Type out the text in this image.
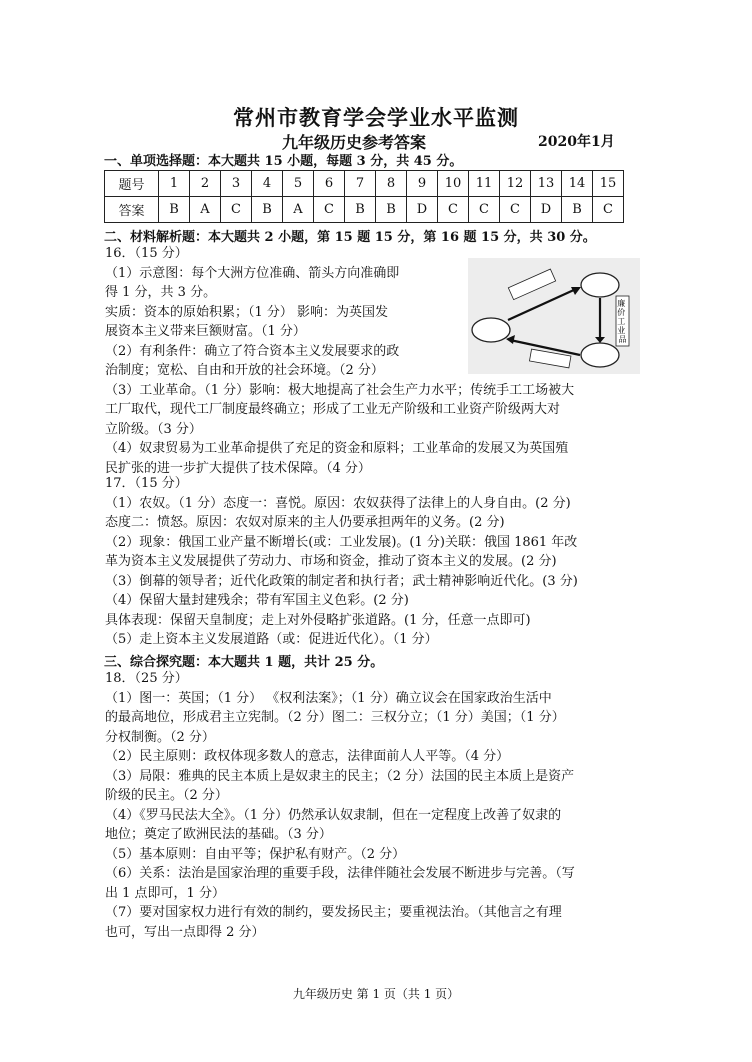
常州市教育学会学业水平监测
九年级历史参考答案	2020年1月
一、单项选择题：本大题共 15 小题，每题 3 分，共 45 分。
题号	1	2	3	4	5	6	7	8	9	10	11	12	13	14	15
答案	B	A	C	B	A	C	B	B	D	C	C	C	D	B	C
二、材料解析题：本大题共 2 小题，第 15 题 15 分，第 16 题 15 分，共 30 分。
16．（15 分）
（1）示意图：每个大洲方位准确、箭头方向准确即
得 1 分，共 3 分。
实质：资本的原始积累；（1 分） 影响：为英国发
展资本主义带来巨额财富。（1 分）
（2）有利条件：确立了符合资本主义发展要求的政
治制度；宽松、自由和开放的社会环境。（2 分）
（3）工业革命。（1 分）影响：极大地提高了社会生产力水平；传统手工工场被大
工厂取代，现代工厂制度最终确立；形成了工业无产阶级和工业资产阶级两大对
立阶级。（3 分）
（4）奴隶贸易为工业革命提供了充足的资金和原料；工业革命的发展又为英国殖
民扩张的进一步扩大提供了技术保障。（4 分）
廉 价 工 业 品
17．（15 分）
（1）农奴。（1 分）态度一：喜悦。原因：农奴获得了法律上的人身自由。(2 分)
态度二：愤怒。原因：农奴对原来的主人仍要承担两年的义务。(2 分)
（2）现象：俄国工业产量不断增长(或：工业发展)。(1 分)关联：俄国 1861 年改
革为资本主义发展提供了劳动力、市场和资金，推动了资本主义的发展。(2 分)
（3）倒幕的领导者；近代化政策的制定者和执行者；武士精神影响近代化。(3 分)
（4）保留大量封建残余；带有军国主义色彩。(2 分)
具体表现：保留天皇制度；走上对外侵略扩张道路。(1 分，任意一点即可)
（5）走上资本主义发展道路（或：促进近代化）。（1 分）
三、综合探究题：本大题共 1 题，共计 25 分。
18．（25 分）
（1）图一：英国；（1 分） 《权利法案》；（1 分）确立议会在国家政治生活中
的最高地位，形成君主立宪制。（2 分）图二：三权分立；（1 分）美国；（1 分）
分权制衡。（2 分）
（2）民主原则：政权体现多数人的意志，法律面前人人平等。（4 分）
（3）局限：雅典的民主本质上是奴隶主的民主；（2 分）法国的民主本质上是资产
阶级的民主。（2 分）
（4）《罗马民法大全》。（1 分）仍然承认奴隶制，但在一定程度上改善了奴隶的
地位；奠定了欧洲民法的基础。（3 分）
（5）基本原则：自由平等；保护私有财产。（2 分）
（6）关系：法治是国家治理的重要手段，法律伴随社会发展不断进步与完善。（写
出 1 点即可，1 分）
（7）要对国家权力进行有效的制约，要发扬民主；要重视法治。（其他言之有理
也可，写出一点即得 2 分）
九年级历史 第 1 页（共 1 页）
